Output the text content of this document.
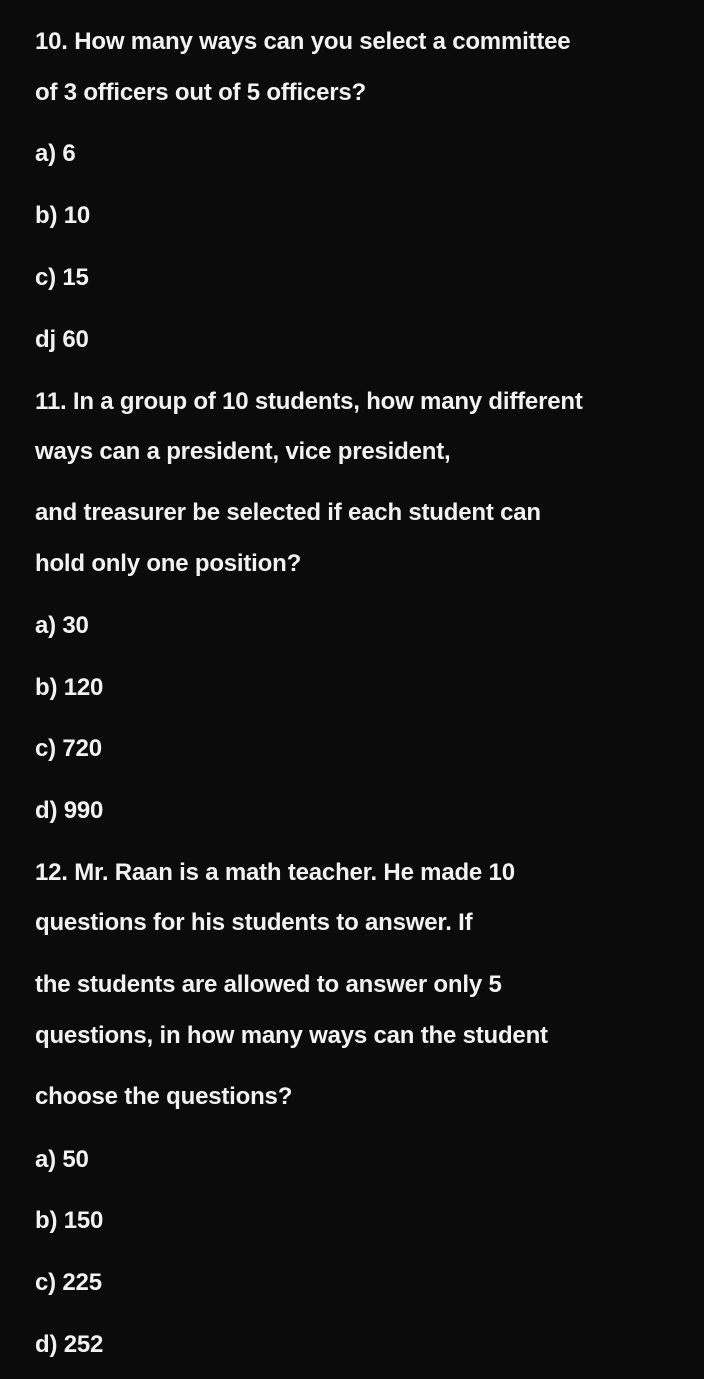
10. How many ways can you select a committee
of 3 officers out of 5 officers?
a) 6
b) 10
c) 15
dj 60
11. In a group of 10 students, how many different
ways can a president, vice president,
and treasurer be selected if each student can
hold only one position?
a) 30
b) 120
c) 720
d) 990
12. Mr. Raan is a math teacher. He made 10
questions for his students to answer. If
the students are allowed to answer only 5
questions, in how many ways can the student
choose the questions?
a) 50
b) 150
c) 225
d) 252
